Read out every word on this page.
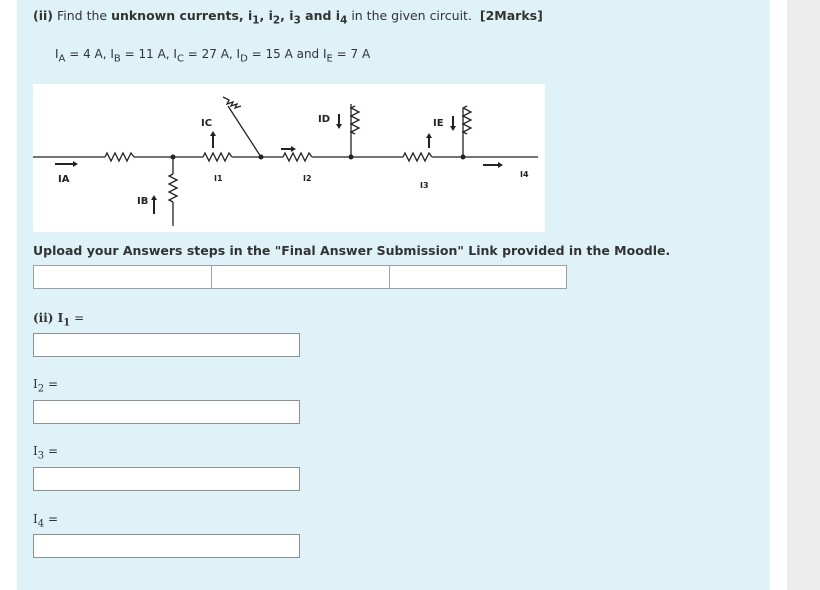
(ii) Find the unknown currents, $i_1$, $i_2$, $i_3$ and $i_4$ in the given circuit. [2Marks]
$I_A = 4$ A, $I_B = 11$ A, $I_C = 27$ A, $I_D = 15$ A and $I_E = 7$ A
IA
IB
IC	ID	IE
I1	I2
I3
I4
Upload your Answers steps in the "Final Answer Submission" Link provided in the Moodle.
(ii) $I_1$ =
$I_2$ =
$I_3$ =
$I_4$ =
